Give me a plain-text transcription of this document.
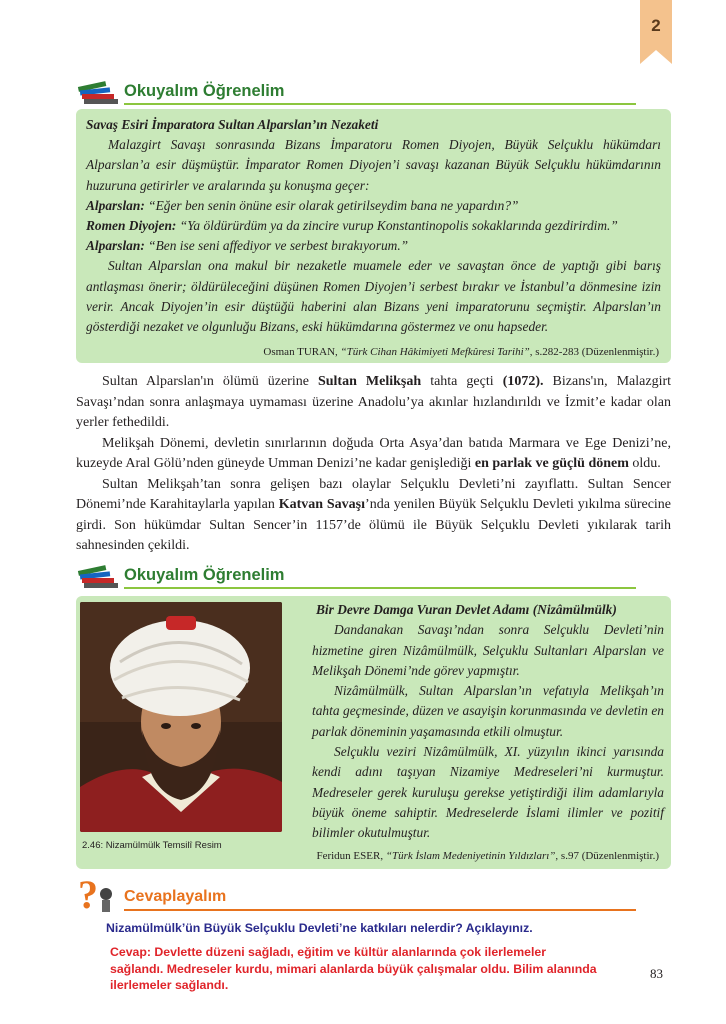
2
Okuyalım Öğrenelim

Savaş Esiri İmparatora Sultan Alparslan’ın Nezaketi

Malazgirt Savaşı sonrasında Bizans İmparatoru Romen Diyojen, Büyük Selçuklu hükümdarı Alparslan’a esir düşmüştür. İmparator Romen Diyojen’i savaşı kazanan Büyük Selçuklu hükümdarının huzuruna getirirler ve aralarında şu konuşma geçer:

Alparslan: “Eğer ben senin önüne esir olarak getirilseydim bana ne yapardın?”

Romen Diyojen: “Ya öldürürdüm ya da zincire vurup Konstantinopolis sokaklarında gezdirirdim.”

Alparslan: “Ben ise seni affediyor ve serbest bırakıyorum.”

Sultan Alparslan ona makul bir nezaketle muamele eder ve savaştan önce de yaptığı gibi barış antlaşması önerir; öldürüleceğini düşünen Romen Diyojen’i serbest bırakır ve İstanbul’a dönmesine izin verir. Ancak Diyojen’in esir düştüğü haberini alan Bizans yeni imparatorunu seçmiştir. Alparslan’ın gösterdiği nezaket ve olgunluğu Bizans, eski hükümdarına göstermez ve onu hapseder.

Osman TURAN, “Türk Cihan Hâkimiyeti Mefkûresi Tarihi”, s.282-283 (Düzenlenmiştir.)

Sultan Alparslan'ın ölümü üzerine Sultan Melikşah tahta geçti (1072). Bizans'ın, Malazgirt Savaşı’ndan sonra anlaşmaya uymaması üzerine Anadolu’ya akınlar hızlandırıldı ve İzmit’e kadar olan yerler fethedildi.

Melikşah Dönemi, devletin sınırlarının doğuda Orta Asya’dan batıda Marmara ve Ege Denizi’ne, kuzeyde Aral Gölü’nden güneyde Umman Denizi’ne kadar genişlediği en parlak ve güçlü dönem oldu.

Sultan Melikşah’tan sonra gelişen bazı olaylar Selçuklu Devleti’ni zayıflattı. Sultan Sencer Dönemi’nde Karahitaylarla yapılan Katvan Savaşı’nda yenilen Büyük Selçuklu Devleti yıkılma sürecine girdi. Son hükümdar Sultan Sencer’in 1157’de ölümü ile Büyük Selçuklu Devleti yıkılarak tarih sahnesinden çekildi.

Okuyalım Öğrenelim
2.46: Nizamülmülk Temsilî Resim

Bir Devre Damga Vuran Devlet Adamı (Nizâmülmülk)

Dandanakan Savaşı’ndan sonra Selçuklu Devleti’nin hizmetine giren Nizâmülmülk, Selçuklu Sultanları Alparslan ve Melikşah Dönemi’nde görev yapmıştır.

Nizâmülmülk, Sultan Alparslan’ın vefatıyla Melikşah’ın tahta geçmesinde, düzen ve asayişin korunmasında ve devletin en parlak döneminin yaşamasında etkili olmuştur.

Selçuklu veziri Nizâmülmülk, XI. yüzyılın ikinci yarısında kendi adını taşıyan Nizamiye Medreseleri’ni kurmuştur. Medreseler gerek kuruluşu gerekse yetiştirdiği ilim adamlarıyla büyük öneme sahiptir. Medreselerde İslami ilimler ve pozitif bilimler okutulmuştur.

Feridun ESER, “Türk İslam Medeniyetinin Yıldızları”, s.97 (Düzenlenmiştir.)
? Cevaplayalım
Nizamülmülk’ün Büyük Selçuklu Devleti’ne katkıları nelerdir? Açıklayınız.
Cevap: Devlette düzeni sağladı, eğitim ve kültür alanlarında çok ilerlemeler sağlandı. Medreseler kurdu, mimari alanlarda büyük çalışmalar oldu. Bilim alanında ilerlemeler sağlandı.
83
